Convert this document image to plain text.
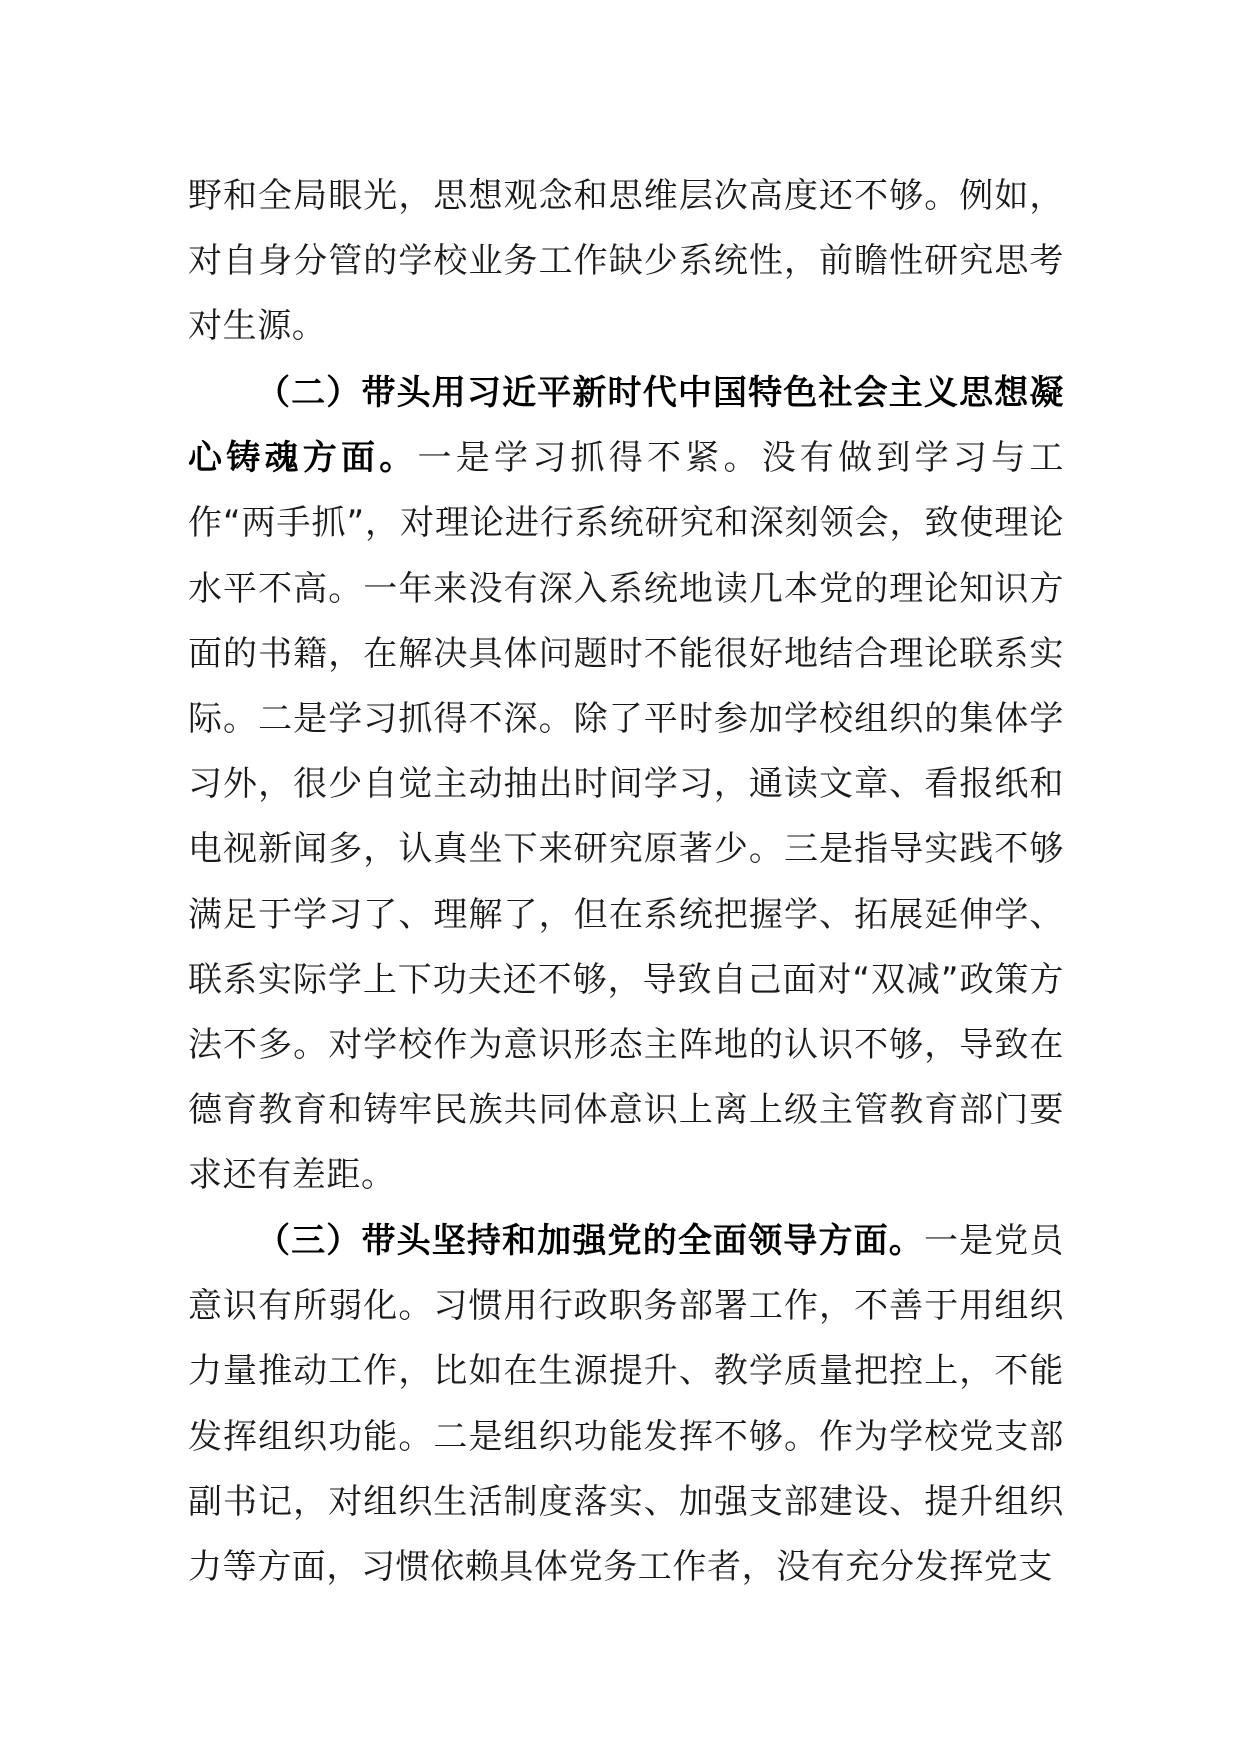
野和全局眼光，思想观念和思维层次高度还不够。例如，对自身分管的学校业务工作缺少系统性，前瞻性研究思考对生源。

（二）带头用习近平新时代中国特色社会主义思想凝心铸魂方面。一是学习抓得不紧。没有做到学习与工作“两手抓”，对理论进行系统研究和深刻领会，致使理论水平不高。一年来没有深入系统地读几本党的理论知识方面的书籍，在解决具体问题时不能很好地结合理论联系实际。二是学习抓得不深。除了平时参加学校组织的集体学习外，很少自觉主动抽出时间学习，通读文章、看报纸和电视新闻多，认真坐下来研究原著少。三是指导实践不够满足于学习了、理解了，但在系统把握学、拓展延伸学、联系实际学上下功夫还不够，导致自己面对“双减”政策方法不多。对学校作为意识形态主阵地的认识不够，导致在德育教育和铸牢民族共同体意识上离上级主管教育部门要求还有差距。

（三）带头坚持和加强党的全面领导方面。一是党员意识有所弱化。习惯用行政职务部署工作，不善于用组织力量推动工作，比如在生源提升、教学质量把控上，不能发挥组织功能。二是组织功能发挥不够。作为学校党支部副书记，对组织生活制度落实、加强支部建设、提升组织力等方面，习惯依赖具体党务工作者，没有充分发挥党支
